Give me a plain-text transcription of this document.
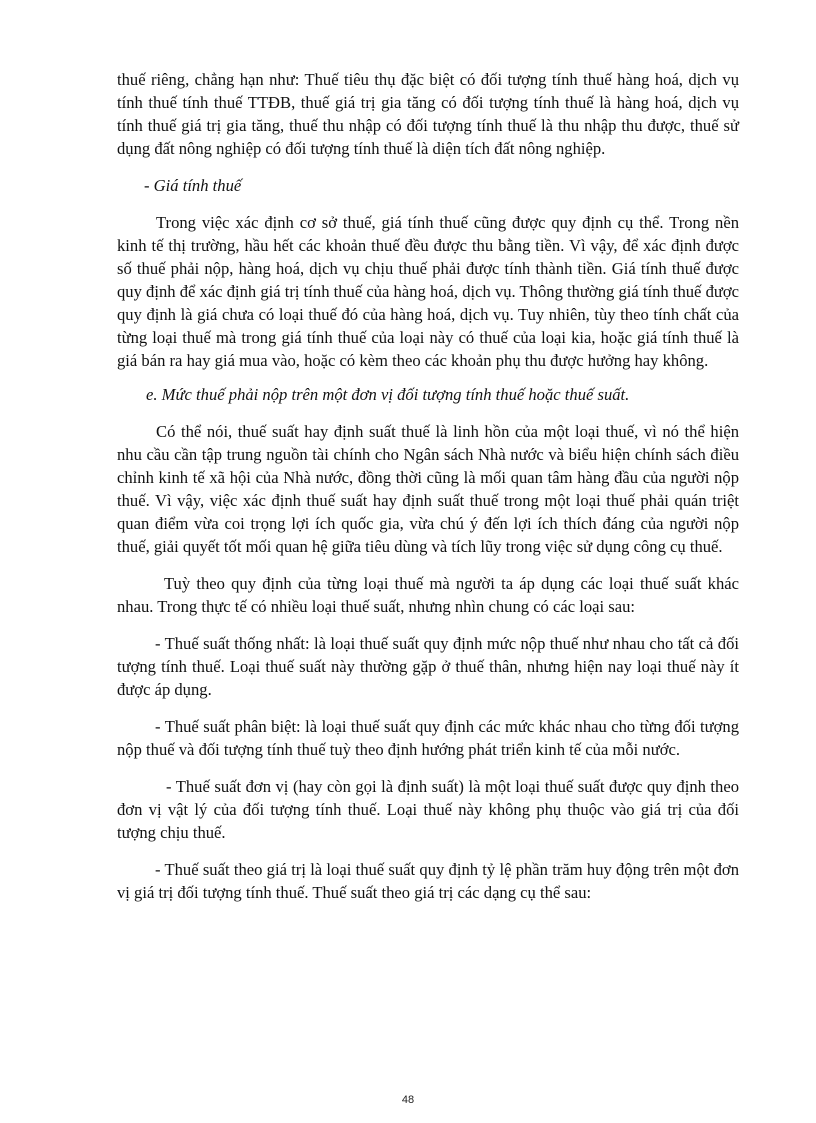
thuế riêng, chẳng hạn như: Thuế tiêu thụ đặc biệt có đối tượng tính thuế hàng hoá, dịch vụ tính thuế tính thuế TTĐB, thuế giá trị gia tăng có đối tượng tính thuế là hàng hoá, dịch vụ tính thuế giá trị gia tăng, thuế thu nhập có đối tượng tính thuế là thu nhập thu được, thuế sử dụng đất nông nghiệp có đối tượng tính thuế là diện tích đất nông nghiệp.

- Giá tính thuế

Trong việc xác định cơ sở thuế, giá tính thuế cũng được quy định cụ thể. Trong nền kinh tế thị trường, hầu hết các khoản thuế đều được thu bằng tiền. Vì vậy, để xác định được số thuế phải nộp, hàng hoá, dịch vụ chịu thuế phải được tính thành tiền. Giá tính thuế được quy định để xác định giá trị tính thuế của hàng hoá, dịch vụ. Thông thường giá tính thuế được quy định là giá chưa có loại thuế đó của hàng hoá, dịch vụ. Tuy nhiên, tùy theo tính chất của từng loại thuế mà trong giá tính thuế của loại này có thuế của loại kia, hoặc giá tính thuế là giá bán ra hay giá mua vào, hoặc có kèm theo các khoản phụ thu được hưởng hay không.

e. Mức thuế phải nộp trên một đơn vị đối tượng tính thuế hoặc thuế suất.

Có thể nói, thuế suất hay định suất thuế là linh hồn của một loại thuế, vì nó thể hiện nhu cầu cần tập trung nguồn tài chính cho Ngân sách Nhà nước và biểu hiện chính sách điều chỉnh kinh tế xã hội của Nhà nước, đồng thời cũng là mối quan tâm hàng đầu của người nộp thuế. Vì vậy, việc xác định thuế suất hay định suất thuế trong một loại thuế phải quán triệt quan điểm vừa coi trọng lợi ích quốc gia, vừa chú ý đến lợi ích thích đáng của người nộp thuế, giải quyết tốt mối quan hệ giữa tiêu dùng và tích lũy trong việc sử dụng công cụ thuế.

Tuỳ theo quy định của từng loại thuế mà người ta áp dụng các loại thuế suất khác nhau. Trong thực tế có nhiều loại thuế suất, nhưng nhìn chung có các loại sau:

- Thuế suất thống nhất: là loại thuế suất quy định mức nộp thuế như nhau cho tất cả đối tượng tính thuế. Loại thuế suất này thường gặp ở thuế thân, nhưng hiện nay loại thuế này ít được áp dụng.

- Thuế suất phân biệt: là loại thuế suất quy định các mức khác nhau cho từng đối tượng nộp thuế và đối tượng tính thuế tuỳ theo định hướng phát triển kinh tế của mỗi nước.

- Thuế suất đơn vị (hay còn gọi là định suất) là một loại thuế suất được quy định theo đơn vị vật lý của đối tượng tính thuế. Loại thuế này không phụ thuộc vào giá trị của đối tượng chịu thuế.

- Thuế suất theo giá trị là loại thuế suất quy định tỷ lệ phần trăm huy động trên một đơn vị giá trị đối tượng tính thuế. Thuế suất theo giá trị các dạng cụ thể sau:

48
